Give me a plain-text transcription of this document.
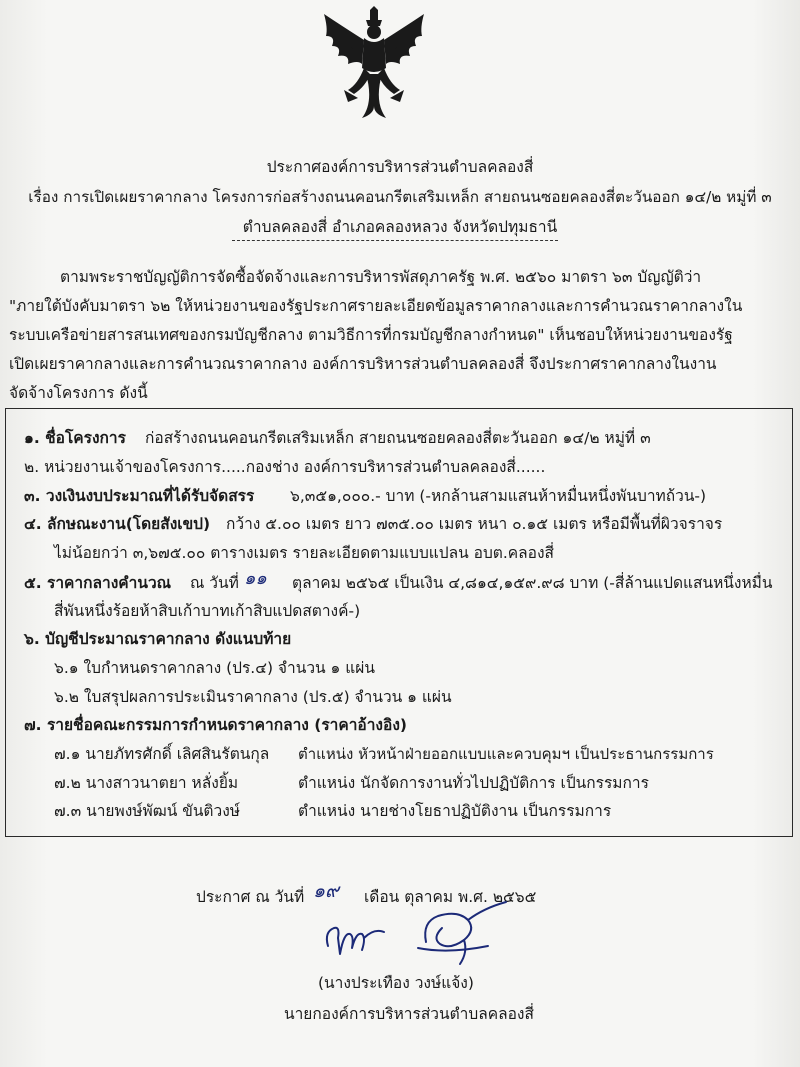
ประกาศองค์การบริหารส่วนตำบลคลองสี่
เรื่อง การเปิดเผยราคากลาง โครงการก่อสร้างถนนคอนกรีตเสริมเหล็ก สายถนนซอยคลองสี่ตะวันออก ๑๔/๒ หมู่ที่ ๓
ตำบลคลองสี่ อำเภอคลองหลวง จังหวัดปทุมธานี
ตามพระราชบัญญัติการจัดซื้อจัดจ้างและการบริหารพัสดุภาครัฐ พ.ศ. ๒๕๖๐ มาตรา ๖๓ บัญญัติว่า
"ภายใต้บังคับมาตรา ๖๒ ให้หน่วยงานของรัฐประกาศรายละเอียดข้อมูลราคากลางและการคำนวณราคากลางใน
ระบบเครือข่ายสารสนเทศของกรมบัญชีกลาง ตามวิธีการที่กรมบัญชีกลางกำหนด" เห็นชอบให้หน่วยงานของรัฐ
เปิดเผยราคากลางและการคำนวณราคากลาง องค์การบริหารส่วนตำบลคลองสี่ จึงประกาศราคากลางในงาน
จัดจ้างโครงการ ดังนี้
๑. ชื่อโครงการ ก่อสร้างถนนคอนกรีตเสริมเหล็ก สายถนนซอยคลองสี่ตะวันออก ๑๔/๒ หมู่ที่ ๓
๒. หน่วยงานเจ้าของโครงการ.....กองช่าง องค์การบริหารส่วนตำบลคลองสี่......
๓. วงเงินงบประมาณที่ได้รับจัดสรร ๖,๓๕๑,๐๐๐.- บาท (-หกล้านสามแสนห้าหมื่นหนึ่งพันบาทถ้วน-)
๔. ลักษณะงาน(โดยสังเขป) กว้าง ๕.๐๐ เมตร ยาว ๗๓๕.๐๐ เมตร หนา ๐.๑๕ เมตร หรือมีพื้นที่ผิวจราจร
ไม่น้อยกว่า ๓,๖๗๕.๐๐ ตารางเมตร รายละเอียดตามแบบแปลน อบต.คลองสี่
๕. ราคากลางคำนวณ ณ วันที่ ๑๑ ตุลาคม ๒๕๖๕ เป็นเงิน ๔,๘๑๔,๑๕๙.๙๘ บาท (-สี่ล้านแปดแสนหนึ่งหมื่น
สี่พันหนึ่งร้อยห้าสิบเก้าบาทเก้าสิบแปดสตางค์-)
๖. บัญชีประมาณราคากลาง ดังแนบท้าย
๖.๑ ใบกำหนดราคากลาง (ปร.๔) จำนวน ๑ แผ่น
๖.๒ ใบสรุปผลการประเมินราคากลาง (ปร.๕) จำนวน ๑ แผ่น
๗. รายชื่อคณะกรรมการกำหนดราคากลาง (ราคาอ้างอิง)
๗.๑ นายภัทรศักดิ์ เลิศสินรัตนกุล ตำแหน่ง หัวหน้าฝ่ายออกแบบและควบคุมฯ เป็นประธานกรรมการ
๗.๒ นางสาวนาตยา หลั่งยิ้ม	ตำแหน่ง นักจัดการงานทั่วไปปฏิบัติการ เป็นกรรมการ
๗.๓ นายพงษ์พัฒน์ ขันติวงษ์	ตำแหน่ง นายช่างโยธาปฏิบัติงาน เป็นกรรมการ
ประกาศ ณ วันที่ ๑๙ เดือน ตุลาคม พ.ศ. ๒๕๖๕
(นางประเทือง วงษ์แจ้ง)
นายกองค์การบริหารส่วนตำบลคลองสี่
